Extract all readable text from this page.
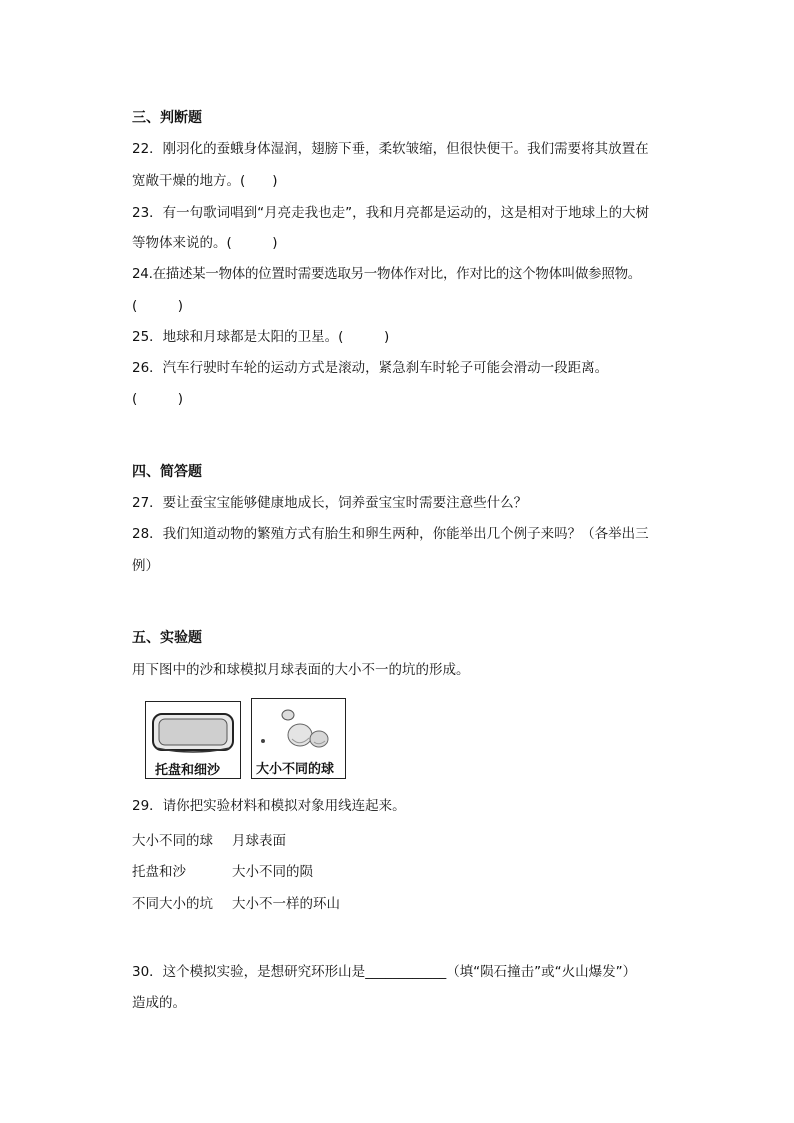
三、判断题
22．刚羽化的蚕蛾身体湿润，翅膀下垂，柔软皱缩，但很快便干。我们需要将其放置在
宽敞干燥的地方。(　　)
23．有一句歌词唱到“月亮走我也走”，我和月亮都是运动的，这是相对于地球上的大树
等物体来说的。(　　　)
24.在描述某一物体的位置时需要选取另一物体作对比，作对比的这个物体叫做参照物。
(　　　)
25．地球和月球都是太阳的卫星。(　　　)
26．汽车行驶时车轮的运动方式是滚动，紧急刹车时轮子可能会滑动一段距离。
(　　　)
四、简答题
27．要让蚕宝宝能够健康地成长，饲养蚕宝宝时需要注意些什么？
28．我们知道动物的繁殖方式有胎生和卵生两种，你能举出几个例子来吗？（各举出三
例）
五、实验题
用下图中的沙和球模拟月球表面的大小不一的坑的形成。
托盘和细沙	大小不同的球
29．请你把实验材料和模拟对象用线连起来。
大小不同的球 月球表面
托盘和沙	大小不同的陨
不同大小的坑 大小不一样的环山
30．这个模拟实验，是想研究环形山是____________（填“陨石撞击”或“火山爆发”）
造成的。
